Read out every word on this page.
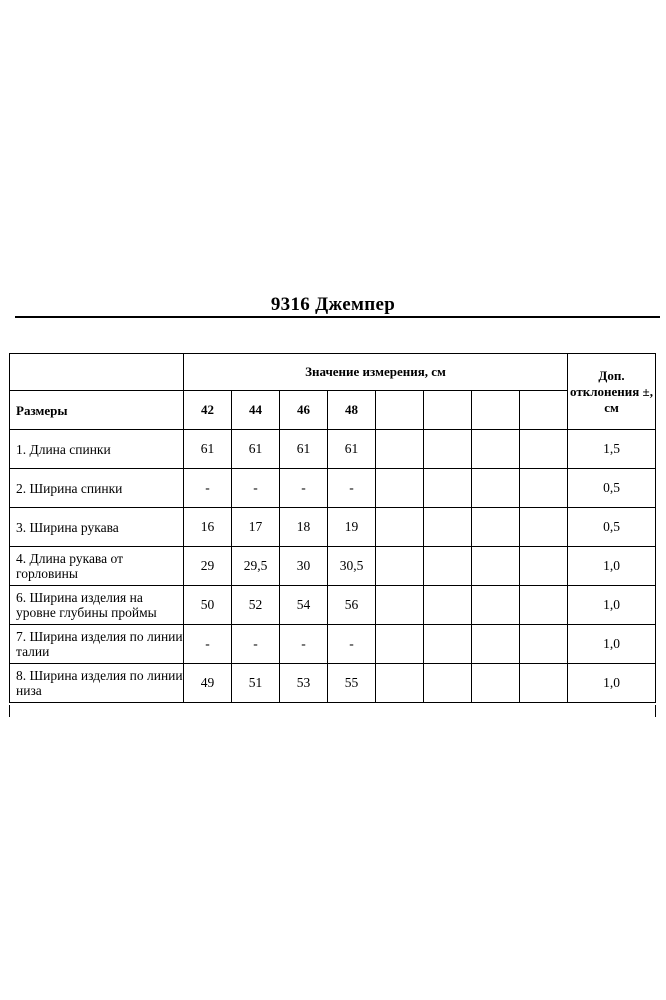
9316 Джемпер
	Значение измерения, см								Доп. отклонения ±, см
Размеры	42	44	46	48					
1. Длина спинки	61	61	61	61					1,5
2. Ширина спинки	-	-	-	-					0,5
3. Ширина рукава	16	17	18	19					0,5
4. Длина рукава от горловины	29	29,5	30	30,5					1,0
6. Ширина изделия на уровне глубины проймы	50	52	54	56					1,0
7. Ширина изделия по линии талии	-	-	-	-					1,0
8. Ширина изделия по линии низа	49	51	53	55					1,0
